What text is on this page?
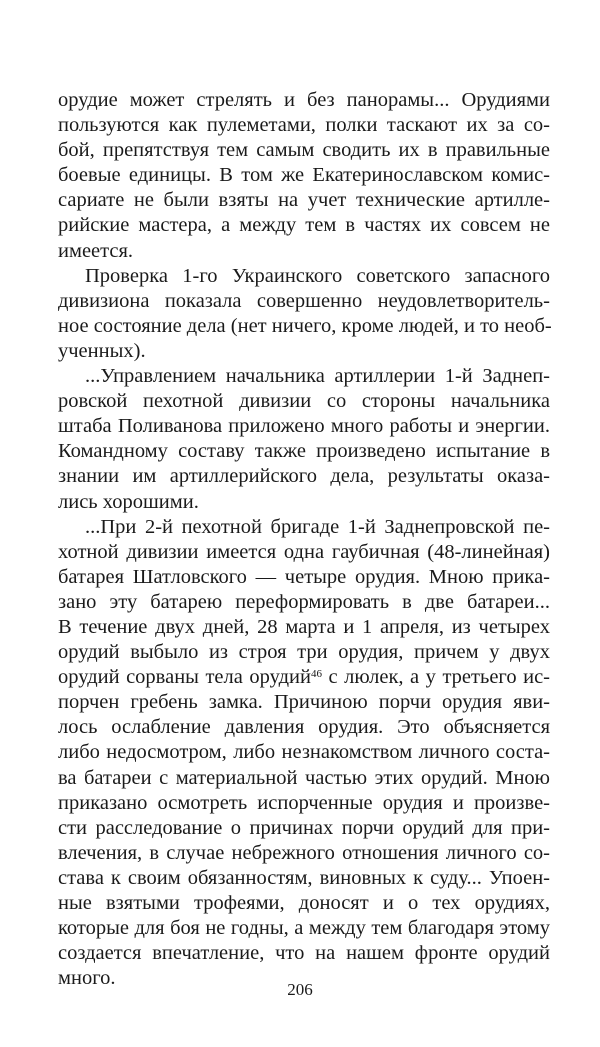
орудие может стрелять и без панорамы... Орудиями
пользуются как пулеметами, полки таскают их за со-
бой, препятствуя тем самым сводить их в правильные
боевые единицы. В том же Екатеринославском комис-
сариате не были взяты на учет технические артилле-
рийские мастера, а между тем в частях их совсем не
имеется.
Проверка 1-го Украинского советского запасного
дивизиона показала совершенно неудовлетворитель-
ное состояние дела (нет ничего, кроме людей, и то необ-
ученных).
...Управлением начальника артиллерии 1-й Заднеп-
ровской пехотной дивизии со стороны начальника
штаба Поливанова приложено много работы и энергии.
Командному составу также произведено испытание в
знании им артиллерийского дела, результаты оказа-
лись хорошими.
...При 2-й пехотной бригаде 1-й Заднепровской пе-
хотной дивизии имеется одна гаубичная (48-линейная)
батарея Шатловского — четыре орудия. Мною прика-
зано эту батарею переформировать в две батареи...
В течение двух дней, 28 марта и 1 апреля, из четырех
орудий выбыло из строя три орудия, причем у двух
орудий сорваны тела орудий$^{46}$ с люлек, а у третьего ис-
порчен гребень замка. Причиною порчи орудия яви-
лось ослабление давления орудия. Это объясняется
либо недосмотром, либо незнакомством личного соста-
ва батареи с материальной частью этих орудий. Мною
приказано осмотреть испорченные орудия и произве-
сти расследование о причинах порчи орудий для при-
влечения, в случае небрежного отношения личного со-
става к своим обязанностям, виновных к суду... Упоен-
ные взятыми трофеями, доносят и о тех орудиях,
которые для боя не годны, а между тем благодаря этому
создается впечатление, что на нашем фронте орудий
много.
206
